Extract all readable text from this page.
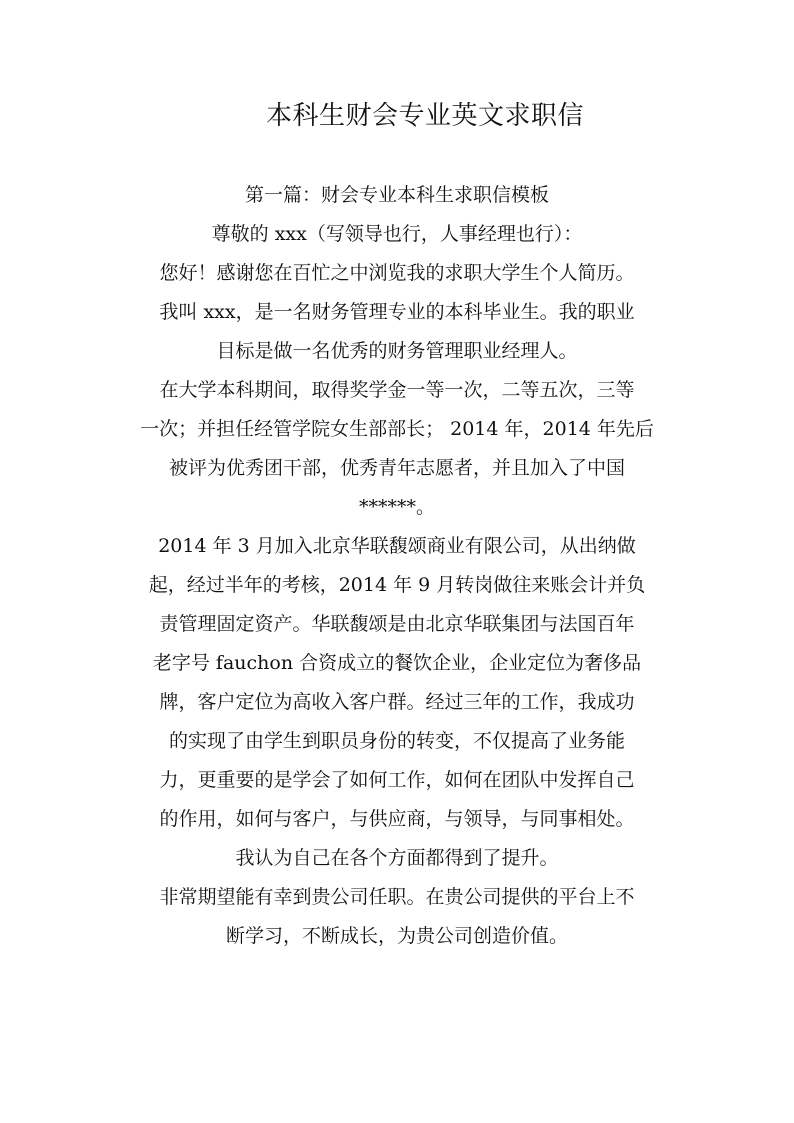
本科生财会专业英文求职信
第一篇：财会专业本科生求职信模板
尊敬的 xxx（写领导也行，人事经理也行）：
您好！感谢您在百忙之中浏览我的求职大学生个人简历。
我叫 xxx，是一名财务管理专业的本科毕业生。我的职业
目标是做一名优秀的财务管理职业经理人。
在大学本科期间，取得奖学金一等一次，二等五次，三等
一次；并担任经管学院女生部部长； 2014 年，2014 年先后
被评为优秀团干部，优秀青年志愿者，并且加入了中国
******。
2014 年 3 月加入北京华联馥颂商业有限公司，从出纳做
起，经过半年的考核，2014 年 9 月转岗做往来账会计并负
责管理固定资产。华联馥颂是由北京华联集团与法国百年
老字号 fauchon 合资成立的餐饮企业，企业定位为奢侈品
牌，客户定位为高收入客户群。经过三年的工作，我成功
的实现了由学生到职员身份的转变，不仅提高了业务能
力，更重要的是学会了如何工作，如何在团队中发挥自己
的作用，如何与客户，与供应商，与领导，与同事相处。
我认为自己在各个方面都得到了提升。
非常期望能有幸到贵公司任职。在贵公司提供的平台上不
断学习，不断成长，为贵公司创造价值。
